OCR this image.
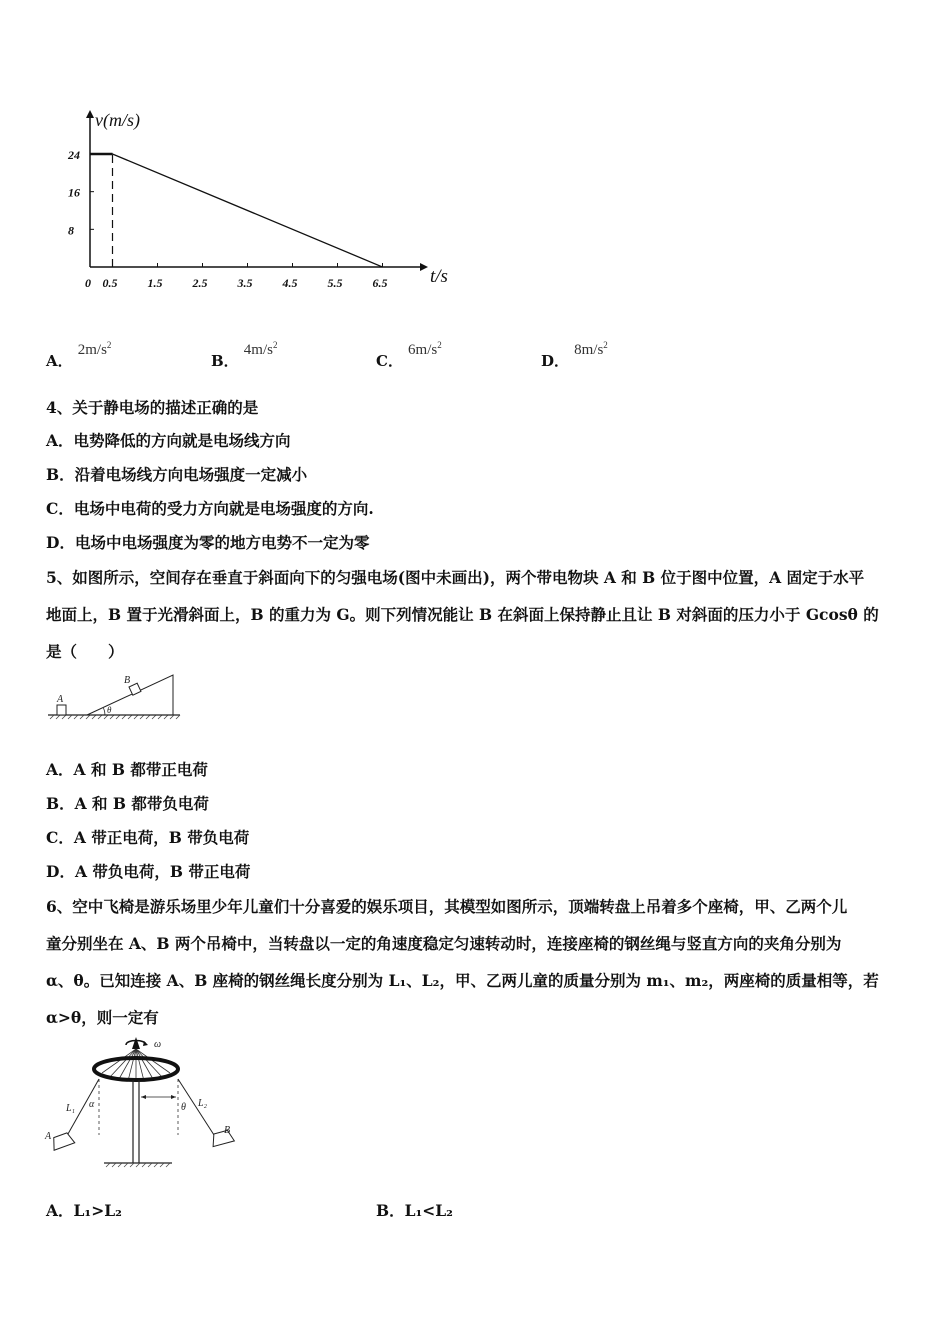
t/s
v(m/s)
8
16
24
0 0.5	1.5	2.5	3.5	4.5	5.5	6.5
A． $2m/s^2$
B． $4m/s^2$
C． $6m/s^2$
D． $8m/s^2$
4、关于静电场的描述正确的是
A．电势降低的方向就是电场线方向
B．沿着电场线方向电场强度一定减小
C．电场中电荷的受力方向就是电场强度的方向.
D．电场中电场强度为零的地方电势不一定为零
5、如图所示，空间存在垂直于斜面向下的匀强电场(图中未画出)，两个带电物块 A 和 B 位于图中位置，A 固定于水平
地面上，B 置于光滑斜面上，B 的重力为 G。则下列情况能让 B 在斜面上保持静止且让 B 对斜面的压力小于 Gcosθ 的
是（　　）
A
B
θ
A．A 和 B 都带正电荷
B．A 和 B 都带负电荷
C．A 带正电荷，B 带负电荷
D．A 带负电荷，B 带正电荷
6、空中飞椅是游乐场里少年儿童们十分喜爱的娱乐项目，其模型如图所示，顶端转盘上吊着多个座椅，甲、乙两个儿
童分别坐在 A、B 两个吊椅中，当转盘以一定的角速度稳定匀速转动时，连接座椅的钢丝绳与竖直方向的夹角分别为
α、θ。已知连接 A、B 座椅的钢丝绳长度分别为 L₁、L₂，甲、乙两儿童的质量分别为 m₁、m₂，两座椅的质量相等，若
α>θ，则一定有
ω
L₁ α	θ L₂
A
B
A．L₁>L₂	B．L₁<L₂
